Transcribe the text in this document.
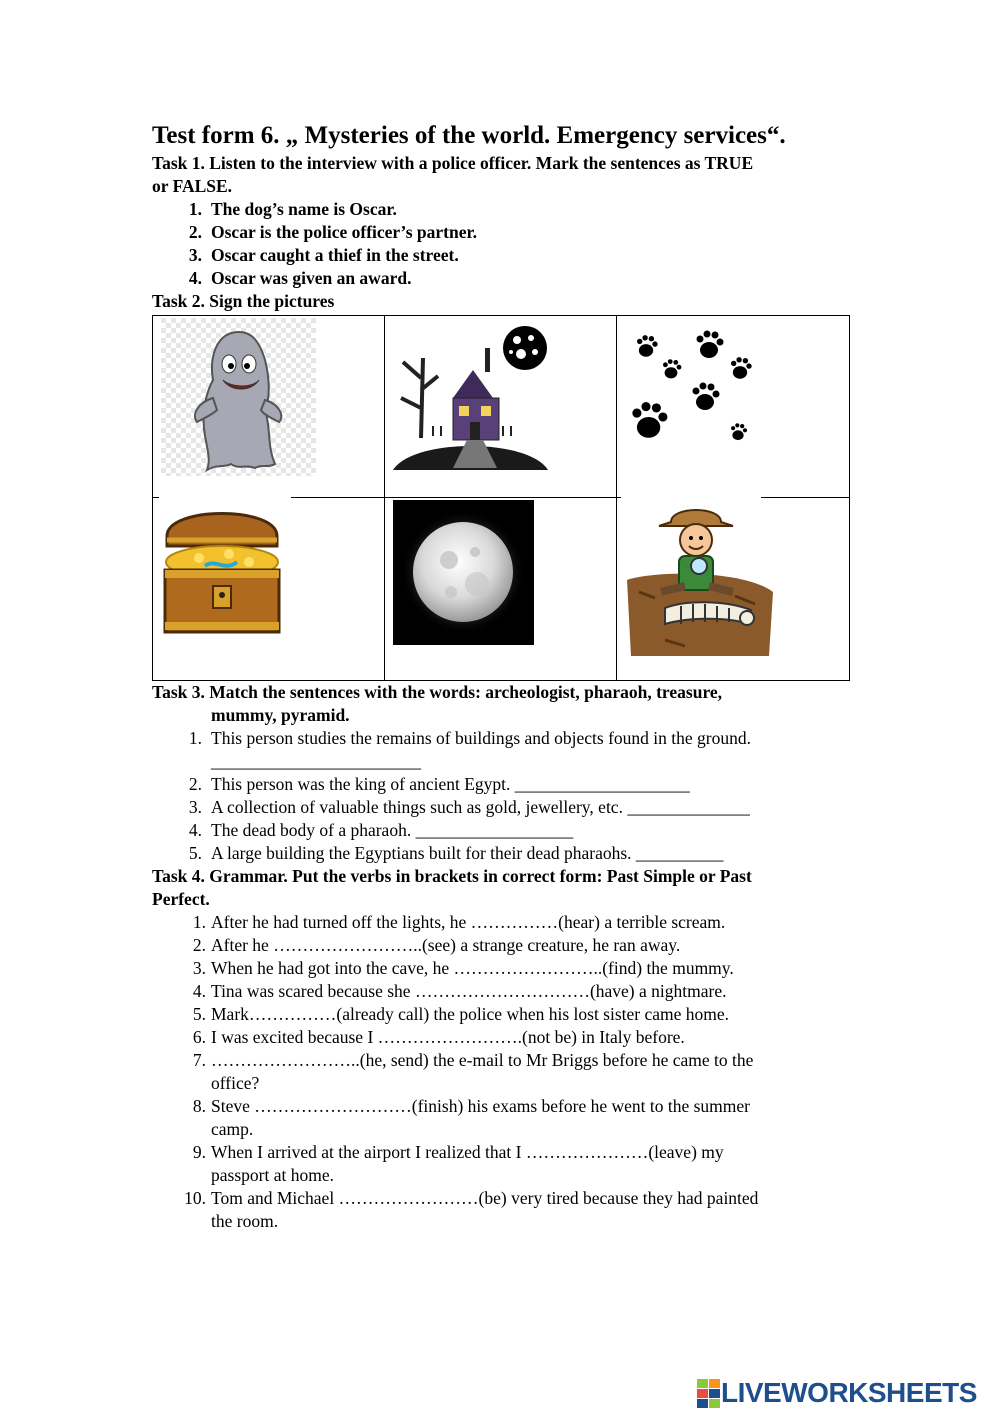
Test form 6. „ Mysteries of the world. Emergency services“.

Task 1. Listen to the interview with a police officer. Mark the sentences as TRUE
or FALSE.

1. The dog’s name is Oscar.
2. Oscar is the police officer’s partner.
3. Oscar caught a thief in the street.
4. Oscar was given an award.

Task 2. Sign the pictures

Task 3. Match the sentences with the words: archeologist, pharaoh, treasure,
mummy, pyramid.

1. This person studies the remains of buildings and objects found in the ground.
________________________
2. This person was the king of ancient Egypt. ____________________
3. A collection of valuable things such as gold, jewellery, etc. ______________
4. The dead body of a pharaoh. __________________
5. A large building the Egyptians built for their dead pharaohs. __________

Task 4. Grammar. Put the verbs in brackets in correct form: Past Simple or Past
Perfect.

1. After he had turned off the lights, he ……………(hear) a terrible scream.
2. After he ……………………..(see) a strange creature, he ran away.
3. When he had got into the cave, he ……………………..(find) the mummy.
4. Tina was scared because she …………………………(have) a nightmare.
5. Mark……………(already call) the police when his lost sister came home.
6. I was excited because I …………………….(not be) in Italy before.
7. ……………………..(he, send) the e-mail to Mr Briggs before he came to the
office?
8. Steve ………………………(finish) his exams before he went to the summer
camp.
9. When I arrived at the airport I realized that I …………………(leave) my
passport at home.
10. Tom and Michael ……………………(be) very tired because they had painted
the room.
LIVEWORKSHEETS
